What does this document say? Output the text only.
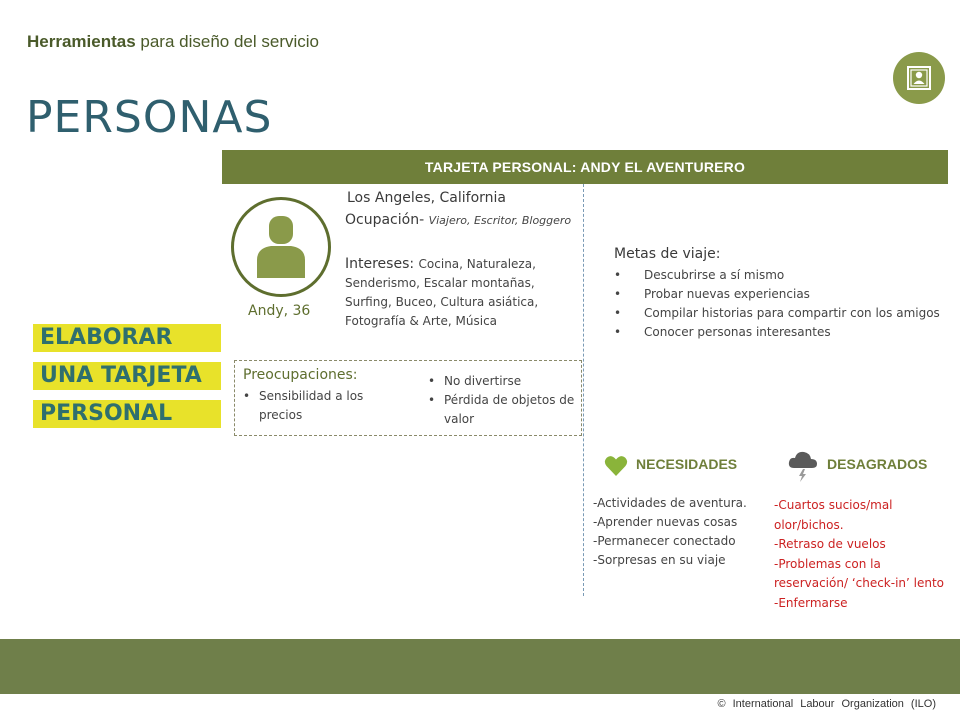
Herramientas para diseño del servicio
PERSONAS
TARJETA PERSONAL: ANDY EL AVENTURERO
Andy, 36
Los Angeles, California
Ocupación- Viajero, Escritor, Bloggero
Intereses: Cocina, Naturaleza, Senderismo, Escalar montañas, Surfing, Buceo, Cultura asiática, Fotografía & Arte, Música
Preocupaciones:
• Sensibilidad a los precios
• No divertirse
• Pérdida de objetos de valor
Metas de viaje:
• Descubrirse a sí mismo
• Probar nuevas experiencias
• Compilar historias para compartir con los amigos
• Conocer personas interesantes
ELABORAR
UNA TARJETA
PERSONAL
NECESIDADES	DESAGRADOS
-Actividades de aventura.
-Aprender nuevas cosas
-Permanecer conectado
-Sorpresas en su viaje
-Cuartos sucios/mal olor/bichos.
-Retraso de vuelos
-Problemas con la reservación/ ‘check-in’ lento
-Enfermarse
© International Labour Organization (ILO)
